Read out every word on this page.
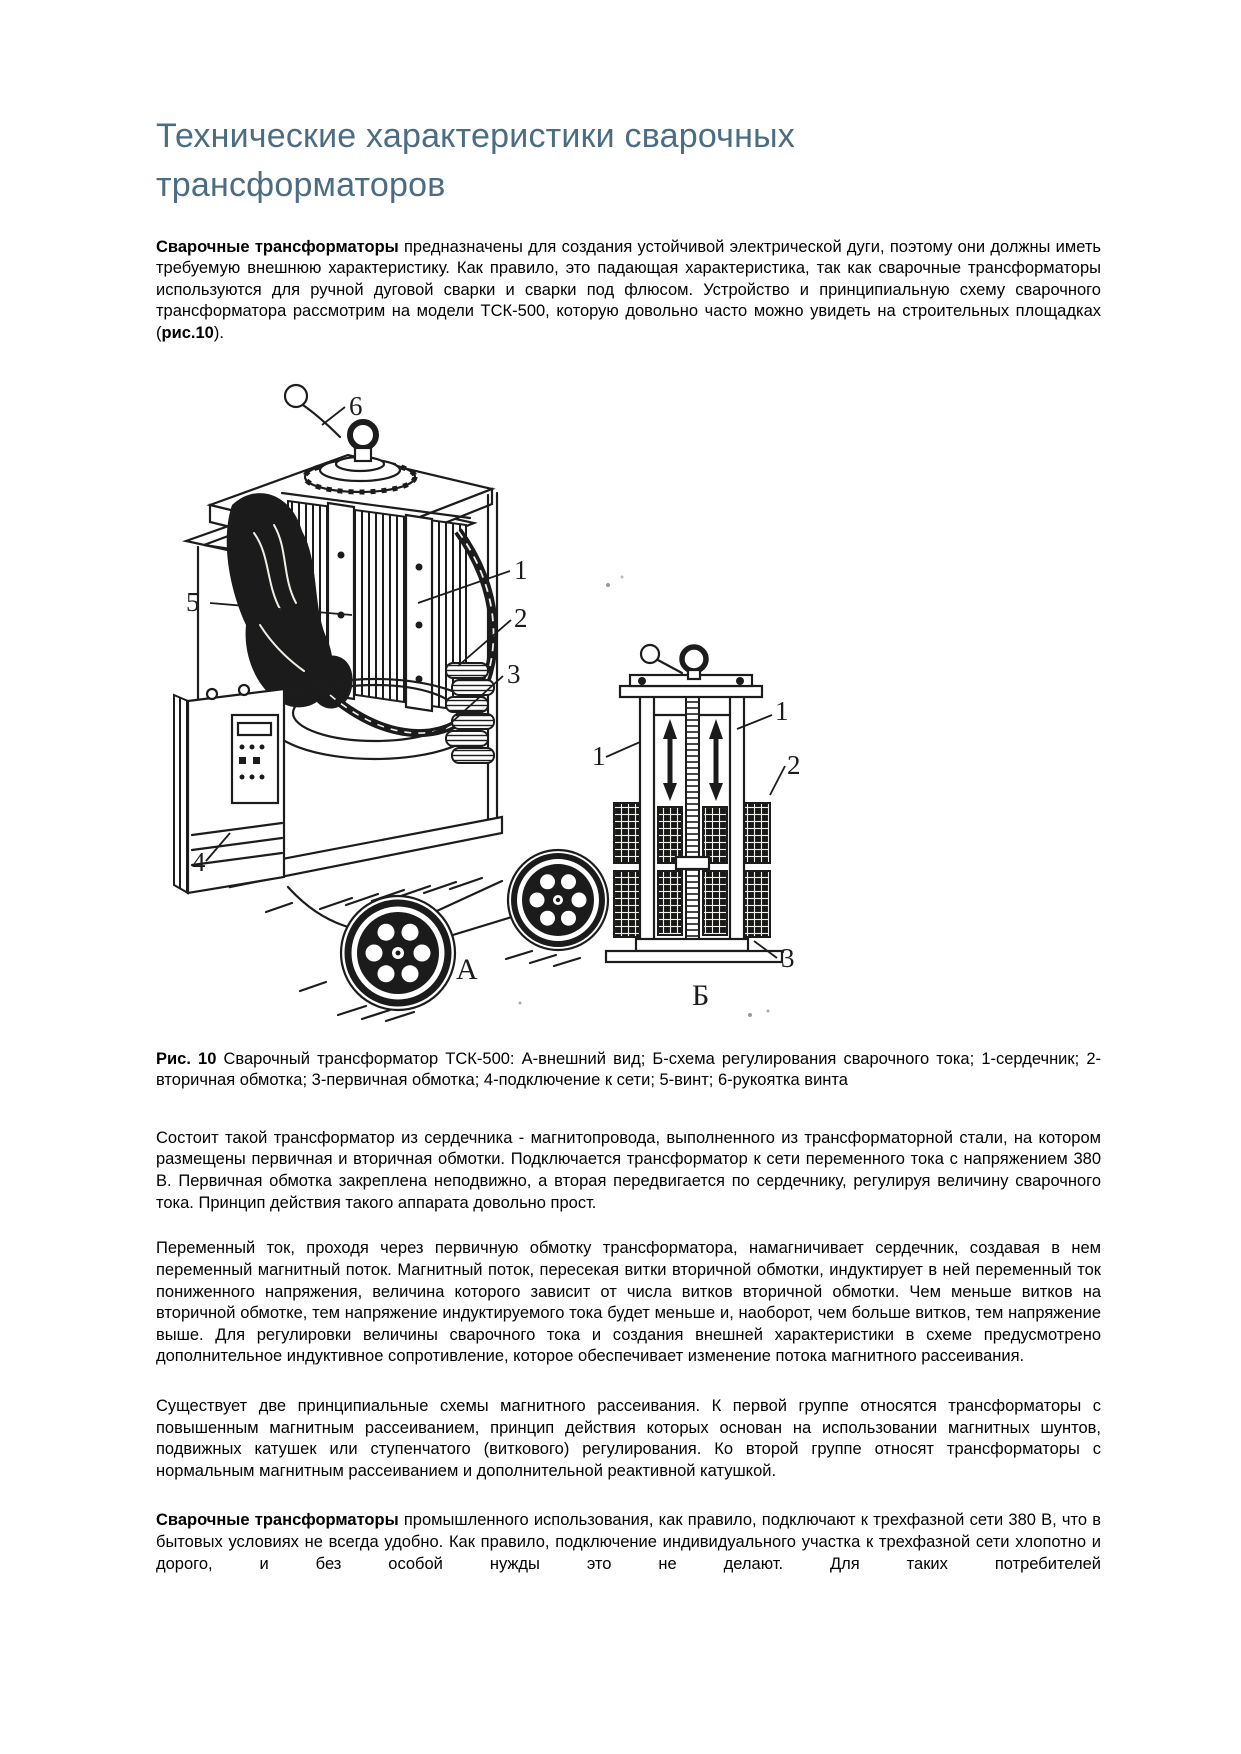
Технические характеристики сварочных трансформаторов

Сварочные трансформаторы предназначены для создания устойчивой электрической дуги, поэтому они должны иметь требуемую внешнюю характеристику. Как правило, это падающая характеристика, так как сварочные трансформаторы используются для ручной дуговой сварки и сварки под флюсом. Устройство и принципиальную схему сварочного трансформатора рассмотрим на модели ТСК-500, которую довольно часто можно увидеть на строительных площадках (рис.10).

6
1
5
2
3
4
А
1
1
2
3
Б

Рис. 10 Сварочный трансформатор ТСК-500: А-внешний вид; Б-схема регулирования сварочного тока; 1-сердечник; 2-вторичная обмотка; 3-первичная обмотка; 4-подключение к сети; 5-винт; 6-рукоятка винта

Состоит такой трансформатор из сердечника - магнитопровода, выполненного из трансформаторной стали, на котором размещены первичная и вторичная обмотки. Подключается трансформатор к сети переменного тока с напряжением 380 В. Первичная обмотка закреплена неподвижно, а вторая передвигается по сердечнику, регулируя величину сварочного тока. Принцип действия такого аппарата довольно прост.

Переменный ток, проходя через первичную обмотку трансформатора, намагничивает сердечник, создавая в нем переменный магнитный поток. Магнитный поток, пересекая витки вторичной обмотки, индуктирует в ней переменный ток пониженного напряжения, величина которого зависит от числа витков вторичной обмотки. Чем меньше витков на вторичной обмотке, тем напряжение индуктируемого тока будет меньше и, наоборот, чем больше витков, тем напряжение выше. Для регулировки величины сварочного тока и создания внешней характеристики в схеме предусмотрено дополнительное индуктивное сопротивление, которое обеспечивает изменение потока магнитного рассеивания.

Существует две принципиальные схемы магнитного рассеивания. К первой группе относятся трансформаторы с повышенным магнитным рассеиванием, принцип действия которых основан на использовании магнитных шунтов, подвижных катушек или ступенчатого (виткового) регулирования. Ко второй группе относят трансформаторы с нормальным магнитным рассеиванием и дополнительной реактивной катушкой.

Сварочные трансформаторы промышленного использования, как правило, подключают к трехфазной сети 380 В, что в бытовых условиях не всегда удобно. Как правило, подключение индивидуального участка к трехфазной сети хлопотно и дорого, и без особой нужды это не делают. Для таких потребителей
